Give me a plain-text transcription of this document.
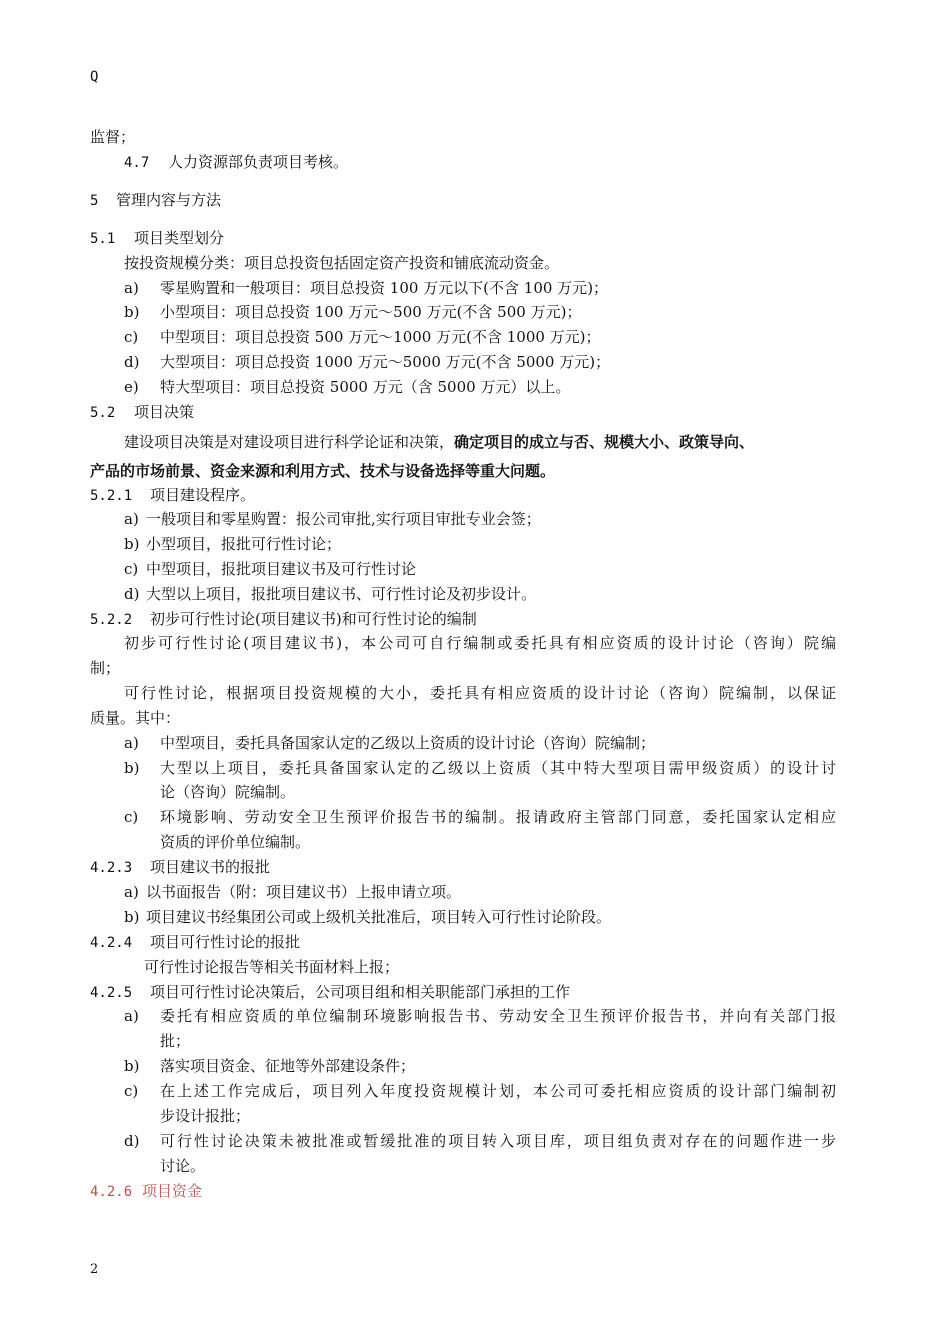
Q
监督；
4.7 人力资源部负责项目考核。
5 管理内容与方法
5.1 项目类型划分
按投资规模分类：项目总投资包括固定资产投资和铺底流动资金。
a) 零星购置和一般项目：项目总投资 100 万元以下(不含 100 万元)；
b) 小型项目：项目总投资 100 万元～500 万元(不含 500 万元)；
c) 中型项目：项目总投资 500 万元～1000 万元(不含 1000 万元)；
d) 大型项目：项目总投资 1000 万元～5000 万元(不含 5000 万元)；
e) 特大型项目：项目总投资 5000 万元（含 5000 万元）以上。
5.2 项目决策
建设项目决策是对建设项目进行科学论证和决策，确定项目的成立与否、规模大小、政策导向、
产品的市场前景、资金来源和利用方式、技术与设备选择等重大问题。
5.2.1 项目建设程序。
a) 一般项目和零星购置：报公司审批,实行项目审批专业会签；
b) 小型项目，报批可行性讨论；
c) 中型项目，报批项目建议书及可行性讨论
d) 大型以上项目，报批项目建议书、可行性讨论及初步设计。
5.2.2 初步可行性讨论(项目建议书)和可行性讨论的编制
初步可行性讨论(项目建议书)，本公司可自行编制或委托具有相应资质的设计讨论（咨询）院编
制；
可行性讨论，根据项目投资规模的大小，委托具有相应资质的设计讨论（咨询）院编制，以保证
质量。其中：
a) 中型项目，委托具备国家认定的乙级以上资质的设计讨论（咨询）院编制；
b)	大型以上项目，委托具备国家认定的乙级以上资质（其中特大型项目需甲级资质）的设计讨
论（咨询）院编制。
c)	环境影响、劳动安全卫生预评价报告书的编制。报请政府主管部门同意，委托国家认定相应
资质的评价单位编制。
4.2.3 项目建议书的报批
a) 以书面报告（附：项目建议书）上报申请立项。
b) 项目建议书经集团公司或上级机关批准后，项目转入可行性讨论阶段。
4.2.4 项目可行性讨论的报批
可行性讨论报告等相关书面材料上报；
4.2.5 项目可行性讨论决策后，公司项目组和相关职能部门承担的工作
a)	委托有相应资质的单位编制环境影响报告书、劳动安全卫生预评价报告书，并向有关部门报
批；
b) 落实项目资金、征地等外部建设条件；
c)	在上述工作完成后，项目列入年度投资规模计划，本公司可委托相应资质的设计部门编制初
步设计报批；
d)	可行性讨论决策未被批准或暂缓批准的项目转入项目库，项目组负责对存在的问题作进一步
讨论。
4.2.6 项目资金
2
